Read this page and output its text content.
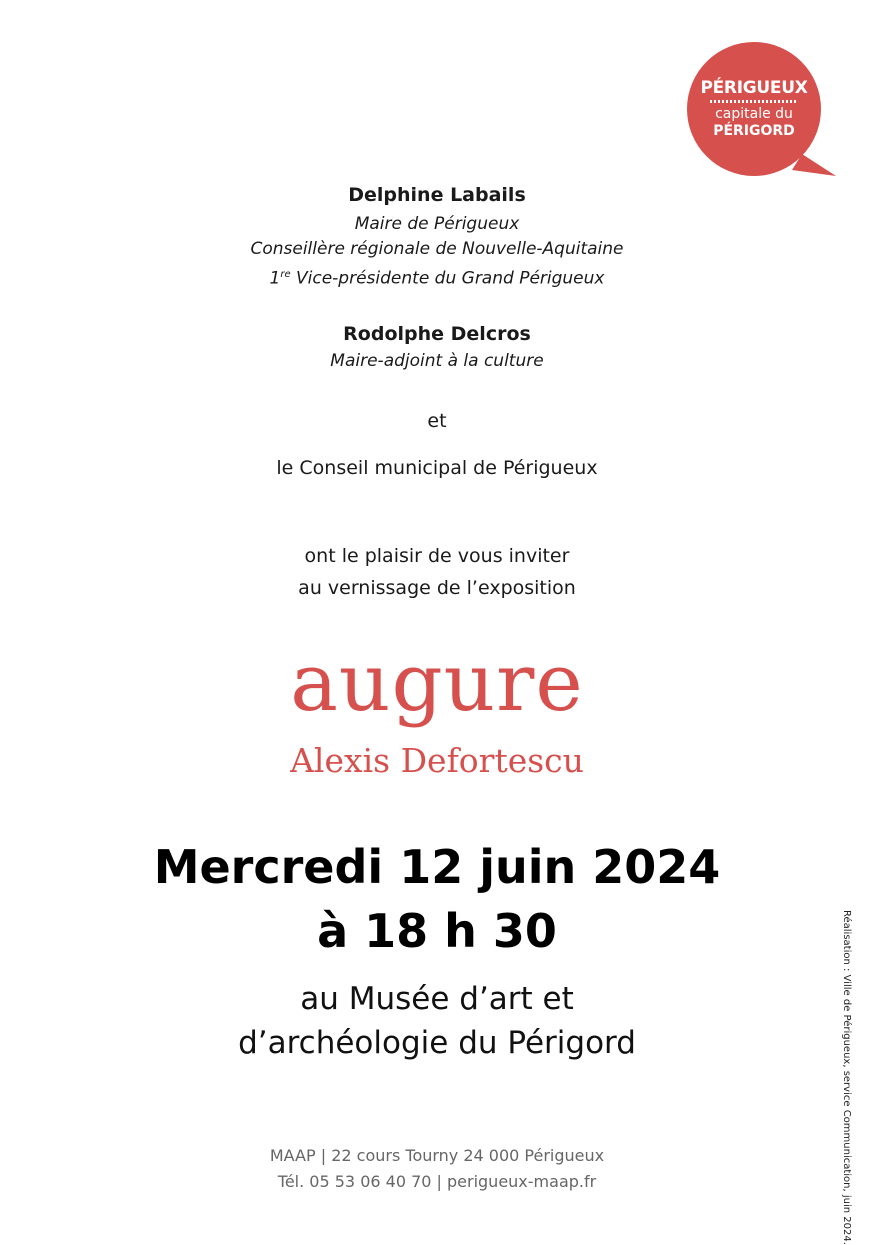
PÉRIGUEUX
capitale du
PÉRIGORD
Delphine Labails
Maire de Périgueux
Conseillère régionale de Nouvelle-Aquitaine
1re Vice-présidente du Grand Périgueux
Rodolphe Delcros
Maire-adjoint à la culture
et
le Conseil municipal de Périgueux
ont le plaisir de vous inviter
au vernissage de l’exposition
augure
Alexis Defortescu
Mercredi 12 juin 2024
à 18 h 30
au Musée d’art et
d’archéologie du Périgord
MAAP | 22 cours Tourny 24 000 Périgueux
Tél. 05 53 06 40 70 | perigueux-maap.fr	Réalisation : Ville de Périgueux, service Communication, juin 2024.
